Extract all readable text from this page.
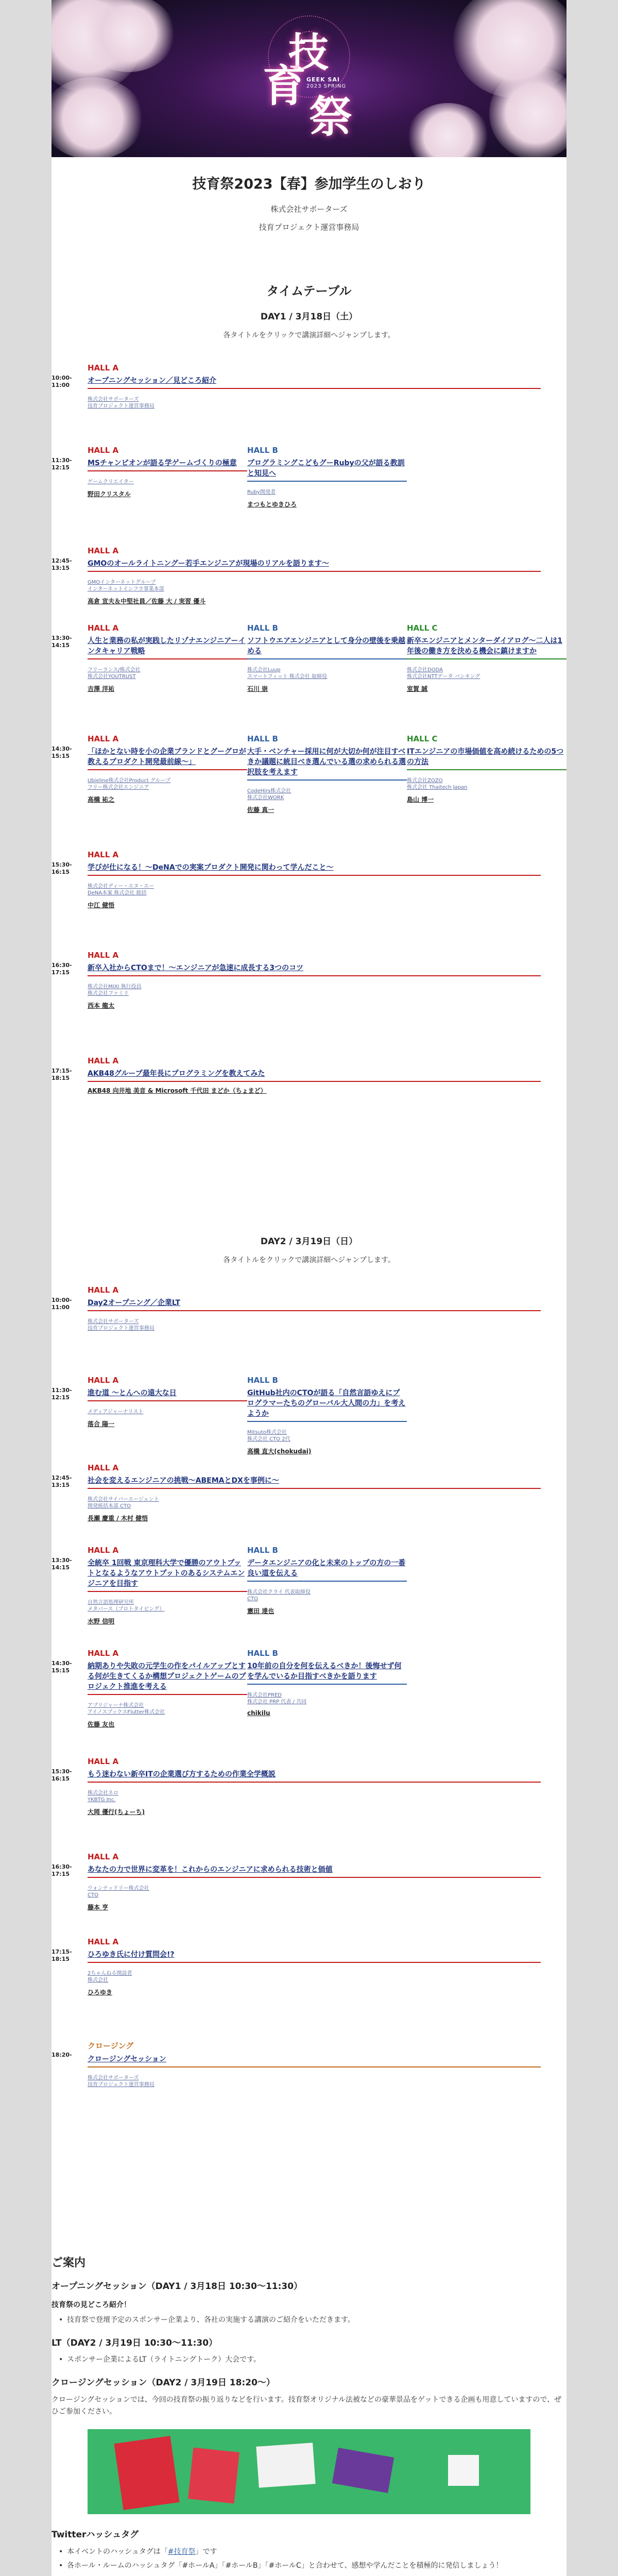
技
育
祭
GEEK SAI
2023 SPRING
技育祭2023【春】参加学生のしおり
株式会社サポーターズ
技育プロジェクト運営事務局
タイムテーブル
DAY1 / 3月18日（土）
各タイトルをクリックで講演詳細へジャンプします。
10:00-
11:00
HALL A
オープニングセッション／見どころ紹介
株式会社サポーターズ
技育プロジェクト運営事務局
11:30-
12:15
HALL A
MSチャンピオンが語る学ゲームづくりの極意
ゲームクリエイター
野田クリスタル
HALL B
プログラミングこどもグーRubyの父が語る教訓と知見へ
Ruby開発者
まつもとゆきひろ
12:45-
13:15
HALL A
GMOのオールライトニングー若手エンジニアが現場のリアルを語ります〜
GMOインターネットグループ
インターネットインフラ事業本部
高倉 宣夫＆中堅社員／佐藤 大 / 実習 優斗
13:30-
14:15
HALL A
人生と業務の私が実践したリゾナエンジニアーインタキャリア戦略
フリーランス/株式会社
株式会社YOUTRUST
吉澤 洋祐
HALL B
ソフトウエアエンジニアとして身分の壁後を乗越める
株式会社Luup
スマートフィット 株式会社 取締役
石川 崇
HALL C
新卒エンジニアとメンターダイアログ〜二人は1年後の働き方を決める機会に鎮けますか
株式会社DODA
株式会社NTTデータ バンキング
室賀 誠
14:30-
15:15
HALL A
「ほかとない時を小の企業ブランドとグーグロが教えるプロダクト開発最前線〜」
Ubieline株式会社Product グループ
フリー株式会社エンジニア
高橋 祐之
HALL B
大手・ベンチャー採用に何が大切か何が注目すべきか議題に統目べき選んでいる選の求められる選択肢を考えます
CodeHirs株式会社
株式会社WORK
佐藤 真一
HALL C
ITエンジニアの市場価値を高め続けるための5つの方法
株式会社ZOZO
株式会社 Thaitech Japan
島山 博一
15:30-
16:15
HALL A
学びが仕になる！〜DeNAでの実案プロダクト開発に関わって学んだこと〜
株式会社ディー・エヌ・エー
DeNA本案 株式会社 総括
中江 健悟
16:30-
17:15
HALL A
新卒入社からCTOまで！〜エンジニアが急速に成長する3つのコツ
株式会社MIXI 執行役員
株式会社ファミリ
西本 龍太
17:15-
18:15
HALL A
AKB48グループ最年長にプログラミングを教えてみた
AKB48 向井地 美音 & Microsoft 千代田 まどか（ちょまど）
10:00-
11:00
HALL A
Day2オープニング／企業LT
株式会社サポーターズ
技育プロジェクト運営事務局
11:30-
12:15
HALL A
進む道 〜とんへの遠大な日
メディアジャーナリスト
落合 陽一
HALL B
GitHub社内のCTOが語る「自然言語ゆえにプログラマーたちのグローバル大人間の力」を考えようか
Mitsuto株式会社
株式会社 CTO 2代
高橋 直大(chokudai)
12:45-
13:15
HALL A
社会を変えるエンジニアの挑戦〜ABEMAとDXを事例に〜
株式会社サイバーエージェント
開発統括本部 CTO
長瀬 慶重 / 木村 健悟
13:30-
14:15
HALL A
全統卒 1回戦 東京理科大学で優勝のアウトプットとなるようなアウトプットのあるシステムエンジニアを目指す
自然言語処理研究所
メタバース（プロトタイピング）
水野 信明
HALL B
データエンジニアの化と未来のトップの方の一番良い道を伝える
株式会社クライ 代表取締役
CTO
憲田 達也
14:30-
15:15
HALL A
納期ありや失敗の元学生の作をパイルアップとする何が生きてくるか構想プロジェクトゲームのプロジェクト推進を考える
アプリジャーナ株式会社
アイノスプックスFlutter株式会社
佐藤 友也
HALL B
10年前の自分を何を伝えるべきか！後悔せず何を学んでいるか目指すべきかを語ります
株式会社PRED
株式会社 PRP 代表 / 共同
chikilu
15:30-
16:15
HALL A
もう迷わない新卒ITの企業選び方するための作業全学概説
株式会社ネロ
YKBTG Inc.
大岡 優行(ちょーち)
16:30-
17:15
HALL A
あなたの力で世界に変革を！これからのエンジニアに求められる技術と価値
ウォンテッドリー株式会社
CTO
藤本 亨
17:15-
18:15
HALL A
ひろゆき氏に付け質問会!?
2ちゃんねる開設者
株式会社
ひろゆき
18:20-
クロージング
クロージングセッション
株式会社サポーターズ
技育プロジェクト運営事務局
DAY2 / 3月19日（日）
各タイトルをクリックで講演詳細へジャンプします。
ご案内
オープニングセッション（DAY1 / 3月18日 10:30〜11:30）
技育祭の見どころ紹介！
• 技育祭で登壇予定のスポンサー企業より、各社の実施する講演のご紹介をいただきます。
LT（DAY2 / 3月19日 10:30〜11:30）
• スポンサー企業によるLT（ライトニングトーク）大会です。
クロージングセッション（DAY2 / 3月19日 18:20〜）
クロージングセッションでは、今回の技育祭の振り返りなどを行います。技育祭オリジナル法被などの豪華景品をゲットできる企画も用意していますので、ぜひご参加ください。
Twitterハッシュタグ
• 本イベントのハッシュタグは「#技育祭」です
• 各ホール・ルームのハッシュタグ「#ホールA」「#ホールB」「#ホールC」と合わせて、感想や学んだことを積極的に発信しましょう！
